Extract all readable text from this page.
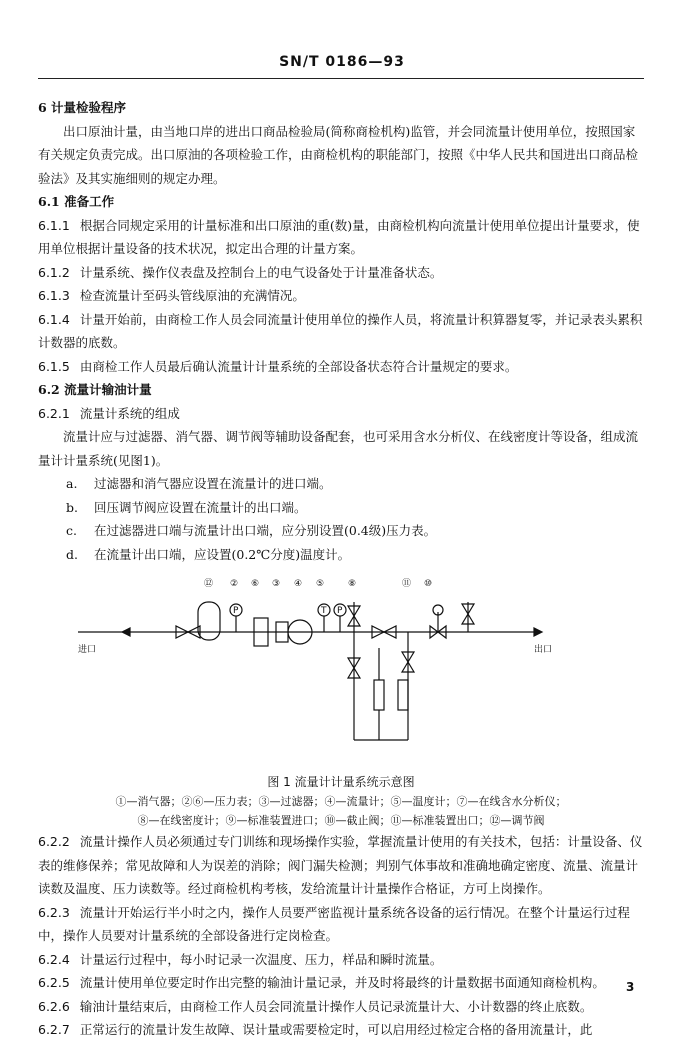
SN/T 0186—93

6 计量检验程序

出口原油计量，由当地口岸的进出口商品检验局(简称商检机构)监管，并会同流量计使用单位，按照国家有关规定负责完成。出口原油的各项检验工作，由商检机构的职能部门，按照《中华人民共和国进出口商品检验法》及其实施细则的规定办理。

6.1 准备工作

6.1.1 根据合同规定采用的计量标准和出口原油的重(数)量，由商检机构向流量计使用单位提出计量要求，使用单位根据计量设备的技术状况，拟定出合理的计量方案。

6.1.2 计量系统、操作仪表盘及控制台上的电气设备处于计量准备状态。

6.1.3 检查流量计至码头管线原油的充满情况。

6.1.4 计量开始前，由商检工作人员会同流量计使用单位的操作人员，将流量计积算器复零，并记录表头累积计数器的底数。

6.1.5 由商检工作人员最后确认流量计计量系统的全部设备状态符合计量规定的要求。

6.2 流量计输油计量

6.2.1 流量计系统的组成

流量计应与过滤器、消气器、调节阀等辅助设备配套，也可采用含水分析仪、在线密度计等设备，组成流量计计量系统(见图1)。

a. 过滤器和消气器应设置在流量计的进口端。

b. 回压调节阀应设置在流量计的出口端。

c. 在过滤器进口端与流量计出口端，应分别设置(0.4级)压力表。

d. 在流量计出口端，应设置(0.2℃分度)温度计。

进口	出口
⑫ ② ⑥ ③ ④ ⑤	⑧	⑪ ⑩
P	T P
图 1 流量计计量系统示意图
①—消气器；②⑥—压力表；③—过滤器；④—流量计；⑤—温度计；⑦—在线含水分析仪；
⑧—在线密度计；⑨—标准装置进口；⑩—截止阀；⑪—标准装置出口；⑫—调节阀

6.2.2 流量计操作人员必须通过专门训练和现场操作实验，掌握流量计使用的有关技术，包括：计量设备、仪表的维修保养；常见故障和人为误差的消除；阀门漏失检测；判别气体事故和准确地确定密度、流量、流量计读数及温度、压力读数等。经过商检机构考核，发给流量计计量操作合格证，方可上岗操作。

6.2.3 流量计开始运行半小时之内，操作人员要严密监视计量系统各设备的运行情况。在整个计量运行过程中，操作人员要对计量系统的全部设备进行定岗检查。

6.2.4 计量运行过程中，每小时记录一次温度、压力，样品和瞬时流量。

6.2.5 流量计使用单位要定时作出完整的输油计量记录，并及时将最终的计量数据书面通知商检机构。

6.2.6 输油计量结束后，由商检工作人员会同流量计操作人员记录流量计大、小计数器的终止底数。

6.2.7 正常运行的流量计发生故障、误计量或需要检定时，可以启用经过检定合格的备用流量计，此

3
